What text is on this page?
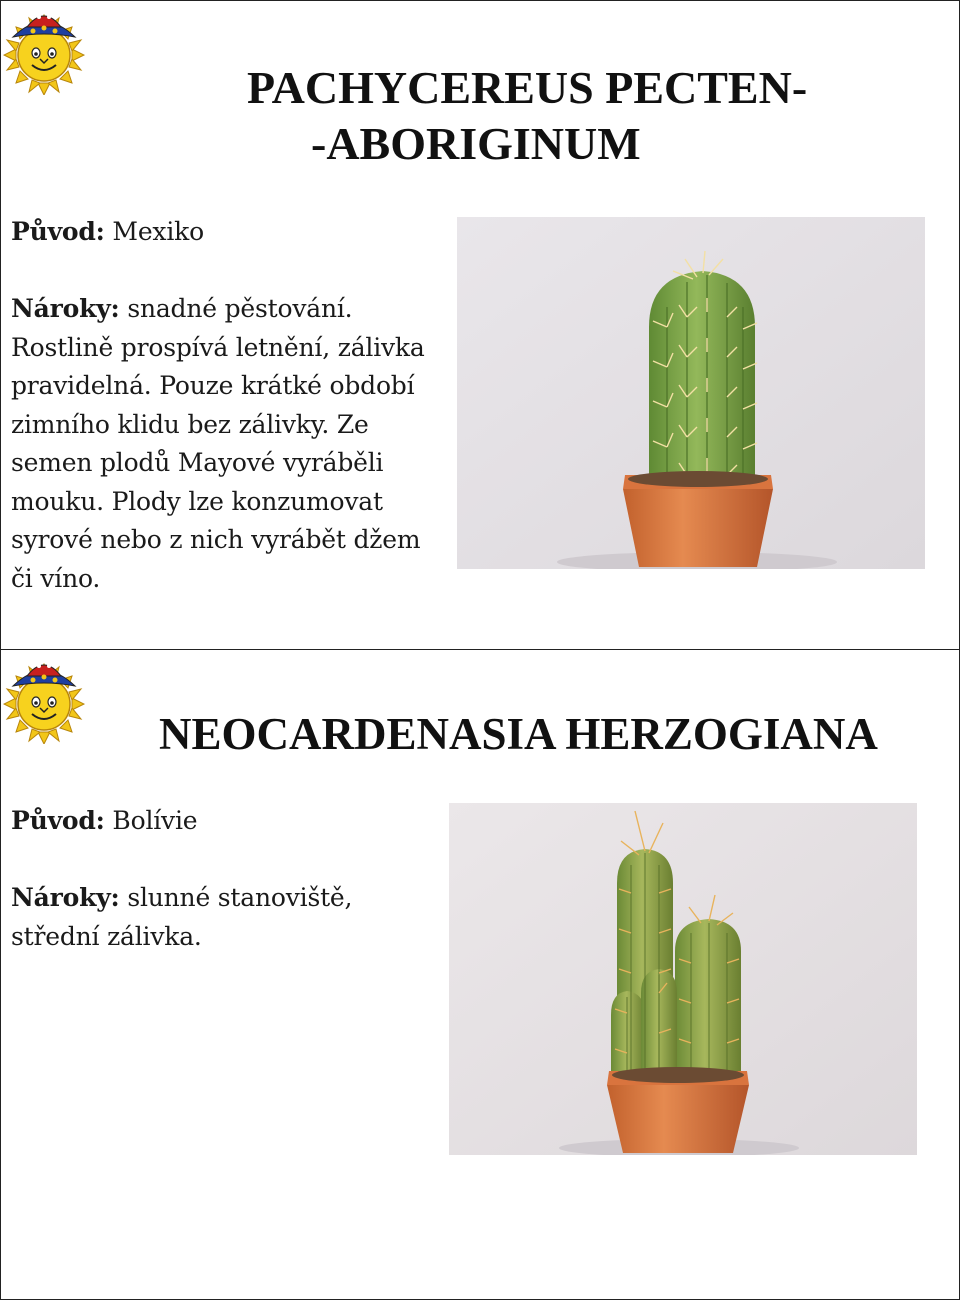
PACHYCEREUS PECTEN-
-ABORIGINUM

Původ: Mexiko

Nároky: snadné pěstování. Rostlině prospívá letnění, zálivka pravidelná. Pouze krátké období zimního klidu bez zálivky. Ze semen plodů Mayové vyráběli mouku. Plody lze konzumovat syrové nebo z nich vyrábět džem či víno.

NEOCARDENASIA HERZOGIANA

Původ: Bolívie

Nároky: slunné stanoviště, střední zálivka.
